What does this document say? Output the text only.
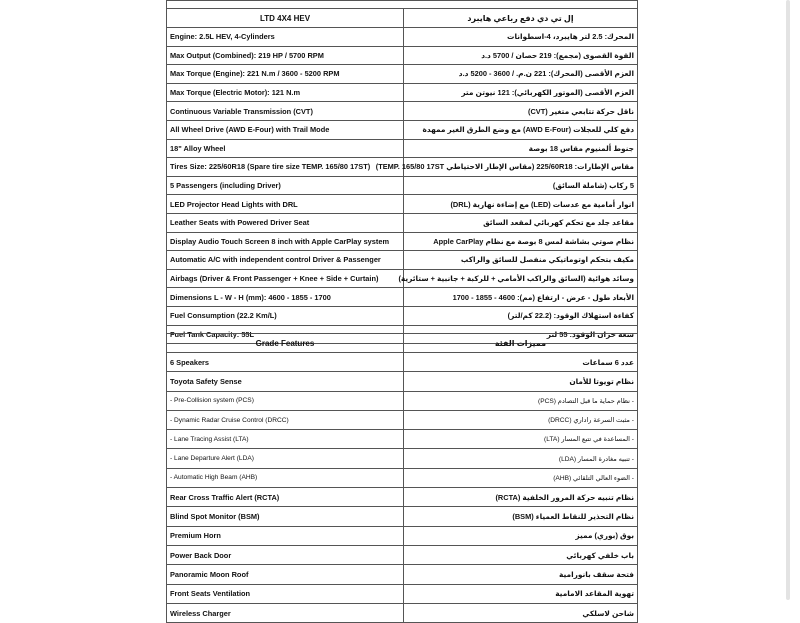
LTD 4X4 HEV	إل تي دي دفع رباعي هايبرد
Engine: 2.5L HEV, 4-Cylinders	المحرك: 2.5 لتر هايبرد، 4-اسطوانات
Max Output (Combined): 219 HP / 5700 RPM	القوة القصوى (مجمع): 219 حصان / 5700 د.د
Max Torque (Engine): 221 N.m / 3600 - 5200 RPM	العزم الأقصى (المحرك): 221 ن.م. / 3600 - 5200 د.د
Max Torque (Electric Motor): 121 N.m	العزم الأقصى (الموتور الكهربائي): 121 نيوتن متر
Continuous Variable Transmission (CVT)	ناقل حركة تتابعي متغير (CVT)
All Wheel Drive (AWD E-Four) with Trail Mode	دفع كلي للعجلات (AWD E-Four) مع وضع الطرق الغير ممهدة
18" Alloy Wheel	جنوط ألمنيوم مقاس 18 بوصة
Tires Size: 225/60R18 (Spare tire size TEMP. 165/80 17ST)	مقاس الإطارات: 225/60R18 (مقاس الإطار الاحتياطي TEMP. 165/80 17ST)
5 Passengers (including Driver)	5 ركاب (شاملة السائق)
LED Projector Head Lights with DRL	انوار أمامية مع عدسات (LED) مع إضاءة نهارية (DRL)
Leather Seats with Powered Driver Seat	مقاعد جلد مع تحكم كهربائي لمقعد السائق
Display Audio Touch Screen 8 inch with Apple CarPlay system	نظام صوتي بشاشة لمس 8 بوصة مع نظام Apple CarPlay
Automatic A/C with independent control Driver & Passenger	مكيف بتحكم اوتوماتيكي منفصل للسائق والراكب
Airbags (Driver & Front Passenger + Knee + Side + Curtain)	وسائد هوائية (السائق والراكب الأمامي + للركبة + جانبية + ستائرية)
Dimensions L - W - H (mm): 4600 - 1855 - 1700	الأبعاد طول - عرض - ارتفاع (مم): 4600 - 1855 - 1700
Fuel Consumption (22.2 Km/L)	كفاءة استهلاك الوقود: (22.2 كم/لتر)
Fuel Tank Capacity: 55L	سعة خزان الوقود: 55 لتر
Grade Features	مميزات الفئة
6 Speakers	عدد 6 سماعات
Toyota Safety Sense	نظام تويوتا للأمان
- Pre-Collision system (PCS)	- نظام حماية ما قبل التصادم (PCS)
- Dynamic Radar Cruise Control (DRCC)	- مثبت السرعة راداري (DRCC)
- Lane Tracing Assist (LTA)	- المساعدة في تتبع المسار (LTA)
- Lane Departure Alert (LDA)	- تنبيه مغادرة المسار (LDA)
- Automatic High Beam (AHB)	- الضوء العالي التلقائي (AHB)
Rear Cross Traffic Alert (RCTA)	نظام تنبيه حركة المرور الخلفية (RCTA)
Blind Spot Monitor (BSM)	نظام التحذير للنقاط العمياء (BSM)
Premium Horn	بوق (بوري) مميز
Power Back Door	باب خلفي كهربائي
Panoramic Moon Roof	فتحة سقف بانورامية
Front Seats Ventilation	تهوية المقاعد الامامية
Wireless Charger	شاحن لاسلكي
